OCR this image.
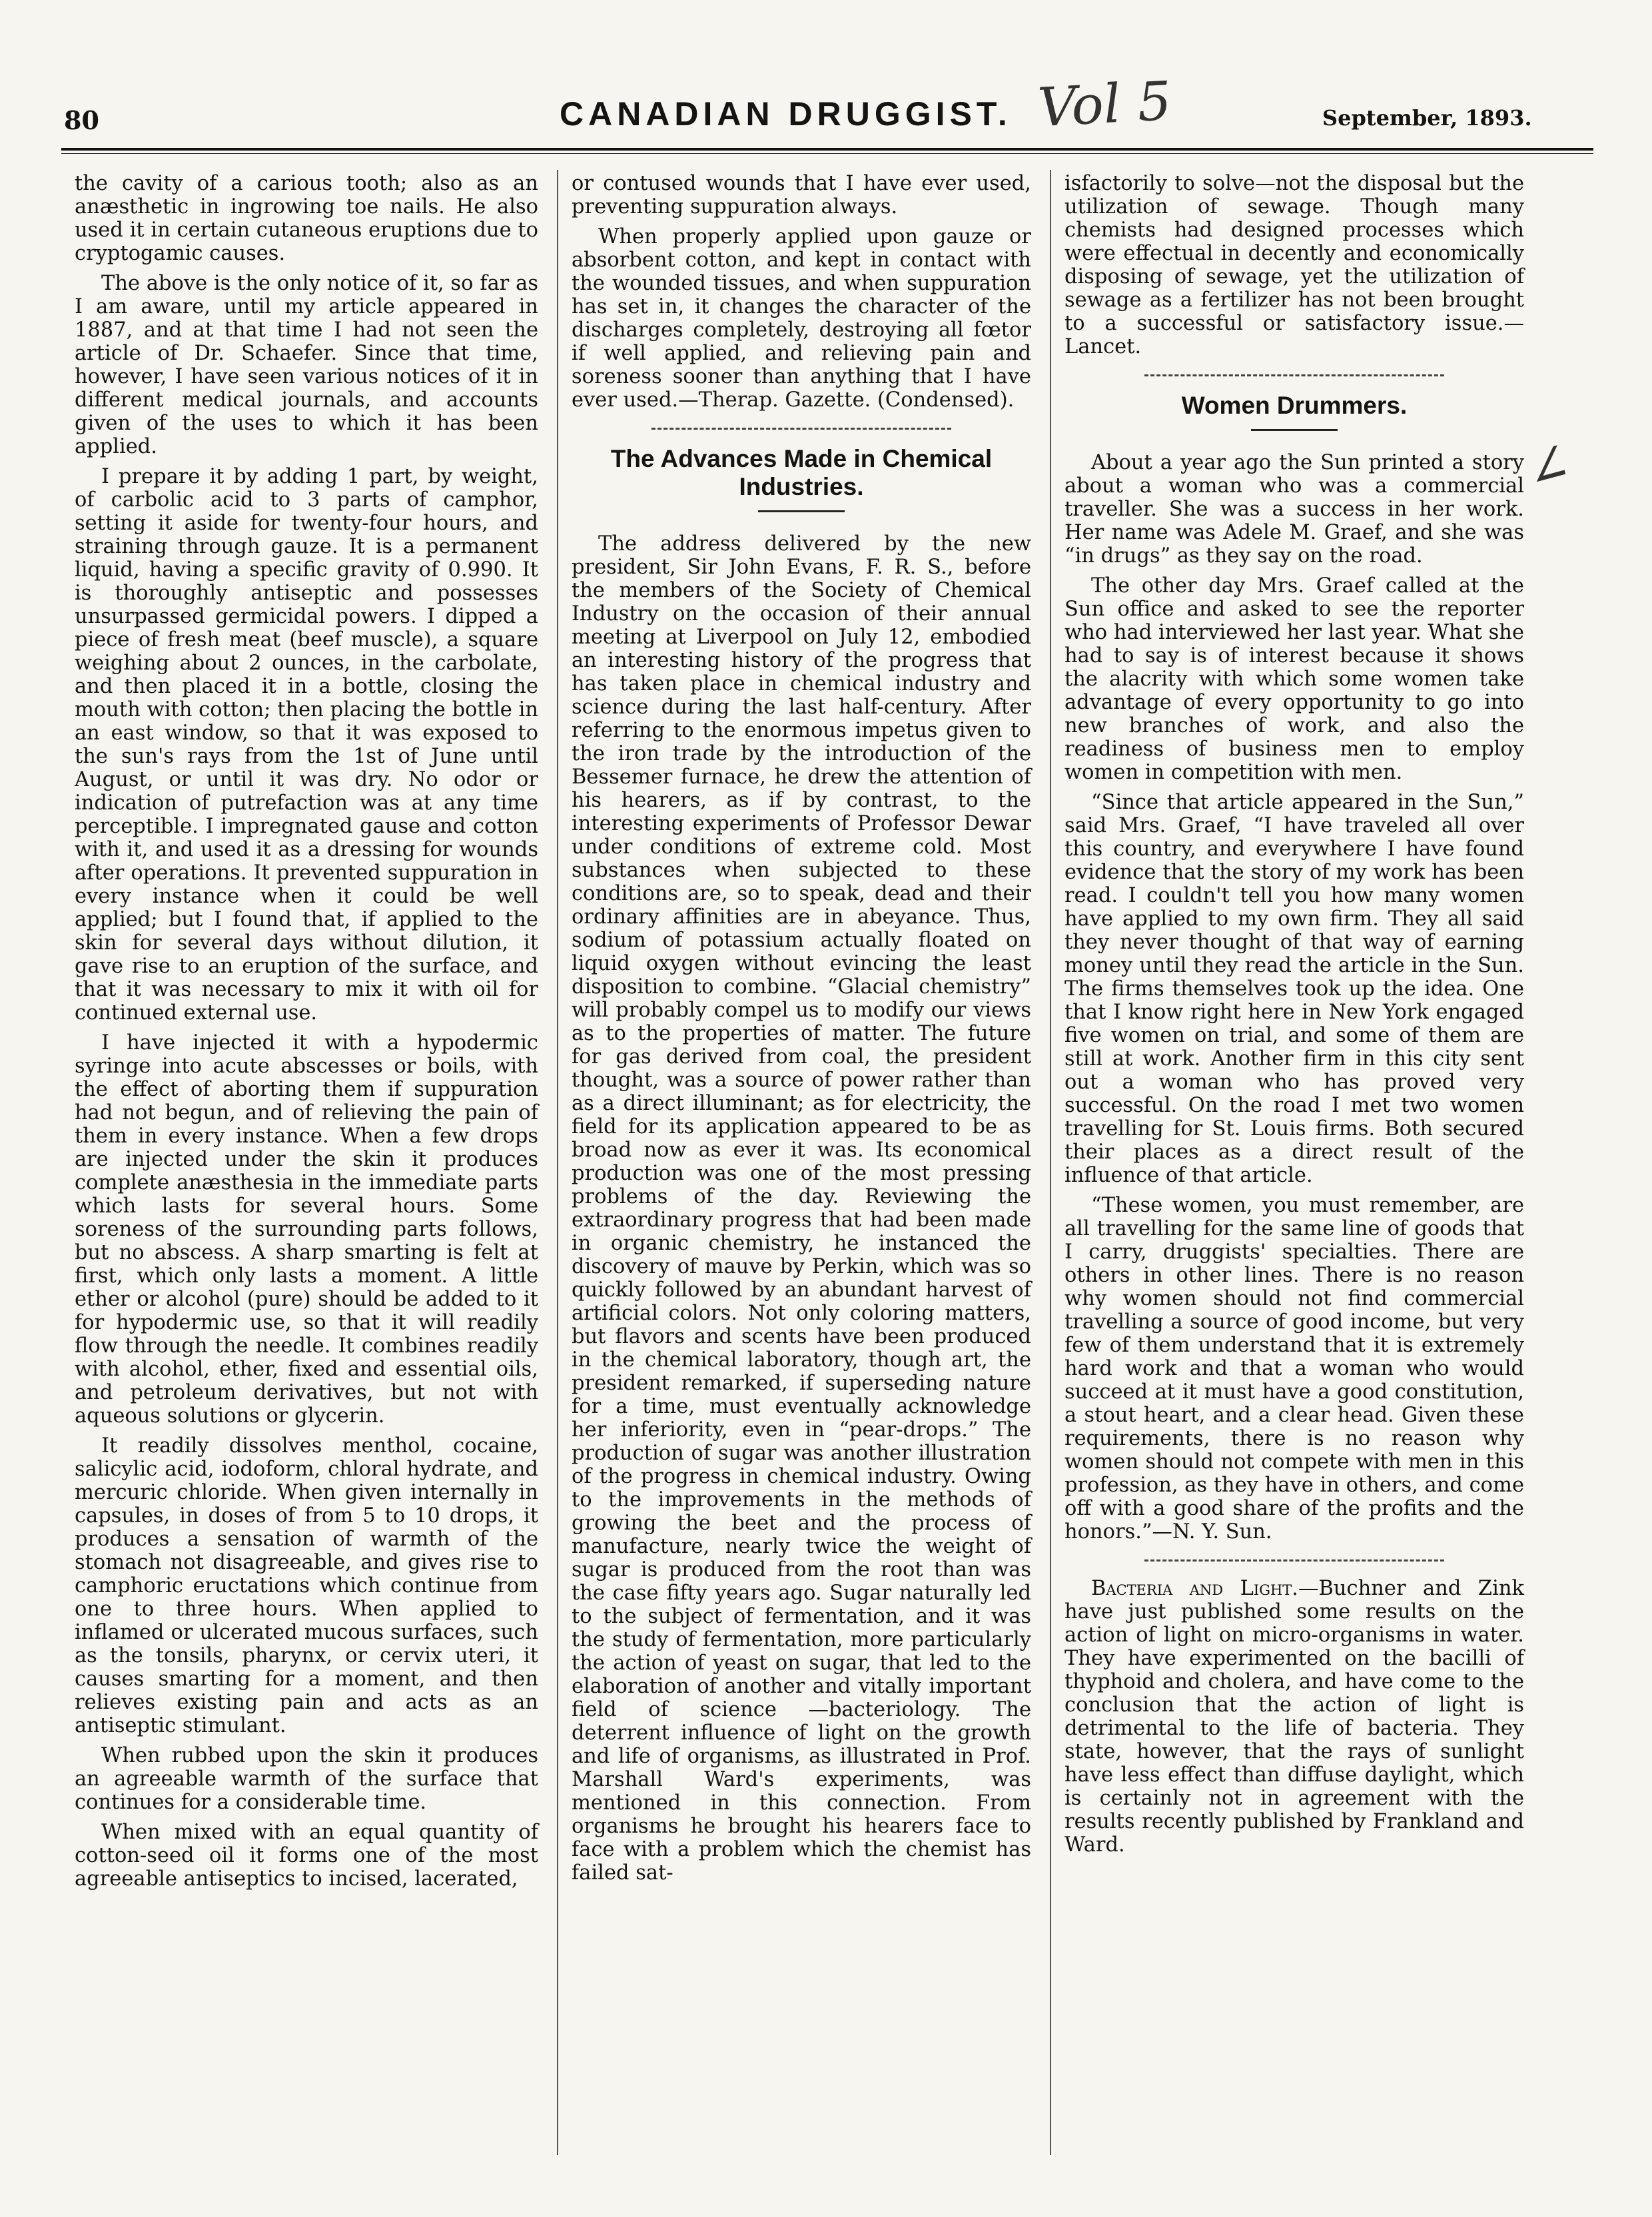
80	CANADIAN DRUGGIST. Vol 5	September, 1893.
∠

the cavity of a carious tooth; also as an anæsthetic in ingrowing toe nails. He also used it in certain cutaneous eruptions due to cryptogamic causes.

The above is the only notice of it, so far as I am aware, until my article appeared in 1887, and at that time I had not seen the article of Dr. Schaefer. Since that time, however, I have seen various notices of it in different medical journals, and accounts given of the uses to which it has been applied.

I prepare it by adding 1 part, by weight, of carbolic acid to 3 parts of camphor, setting it aside for twenty-four hours, and straining through gauze. It is a permanent liquid, having a specific gravity of 0.990. It is thoroughly antiseptic and possesses unsurpassed germicidal powers. I dipped a piece of fresh meat (beef muscle), a square weighing about 2 ounces, in the carbolate, and then placed it in a bottle, closing the mouth with cotton; then placing the bottle in an east window, so that it was exposed to the sun's rays from the 1st of June until August, or until it was dry. No odor or indication of putrefaction was at any time perceptible. I impregnated gause and cotton with it, and used it as a dressing for wounds after operations. It prevented suppuration in every instance when it could be well applied; but I found that, if applied to the skin for several days without dilution, it gave rise to an eruption of the surface, and that it was necessary to mix it with oil for continued external use.

I have injected it with a hypodermic syringe into acute abscesses or boils, with the effect of aborting them if suppuration had not begun, and of relieving the pain of them in every instance. When a few drops are injected under the skin it produces complete anæsthesia in the immediate parts which lasts for several hours. Some soreness of the surrounding parts follows, but no abscess. A sharp smarting is felt at first, which only lasts a moment. A little ether or alcohol (pure) should be added to it for hypodermic use, so that it will readily flow through the needle. It combines readily with alcohol, ether, fixed and essential oils, and petroleum derivatives, but not with aqueous solutions or glycerin.

It readily dissolves menthol, cocaine, salicylic acid, iodoform, chloral hydrate, and mercuric chloride. When given internally in capsules, in doses of from 5 to 10 drops, it produces a sensation of warmth of the stomach not disagreeable, and gives rise to camphoric eructations which continue from one to three hours. When applied to inflamed or ulcerated mucous surfaces, such as the tonsils, pharynx, or cervix uteri, it causes smarting for a moment, and then relieves existing pain and acts as an antiseptic stimulant.

When rubbed upon the skin it produces an agreeable warmth of the surface that continues for a considerable time.

When mixed with an equal quantity of cotton-seed oil it forms one of the most agreeable antiseptics to incised, lacerated,

or contused wounds that I have ever used, preventing suppuration always.

When properly applied upon gauze or absorbent cotton, and kept in contact with the wounded tissues, and when suppuration has set in, it changes the character of the discharges completely, destroying all fœtor if well applied, and relieving pain and soreness sooner than anything that I have ever used.—Therap. Gazette. (Condensed).

The Advances Made in Chemical Industries.

The address delivered by the new president, Sir John Evans, F. R. S., before the members of the Society of Chemical Industry on the occasion of their annual meeting at Liverpool on July 12, embodied an interesting history of the progress that has taken place in chemical industry and science during the last half-century. After referring to the enormous impetus given to the iron trade by the introduction of the Bessemer furnace, he drew the attention of his hearers, as if by contrast, to the interesting experiments of Professor Dewar under conditions of extreme cold. Most substances when subjected to these conditions are, so to speak, dead and their ordinary affinities are in abeyance. Thus, sodium of potassium actually floated on liquid oxygen without evincing the least disposition to combine. “Glacial chemistry” will probably compel us to modify our views as to the properties of matter. The future for gas derived from coal, the president thought, was a source of power rather than as a direct illuminant; as for electricity, the field for its application appeared to be as broad now as ever it was. Its economical production was one of the most pressing problems of the day. Reviewing the extraordinary progress that had been made in organic chemistry, he instanced the discovery of mauve by Perkin, which was so quickly followed by an abundant harvest of artificial colors. Not only coloring matters, but flavors and scents have been produced in the chemical laboratory, though art, the president remarked, if superseding nature for a time, must eventually acknowledge her inferiority, even in “pear-drops.” The production of sugar was another illustration of the progress in chemical industry. Owing to the improvements in the methods of growing the beet and the process of manufacture, nearly twice the weight of sugar is produced from the root than was the case fifty years ago. Sugar naturally led to the subject of fermentation, and it was the study of fermentation, more particularly the action of yeast on sugar, that led to the elaboration of another and vitally important field of science —bacteriology. The deterrent influence of light on the growth and life of organisms, as illustrated in Prof. Marshall Ward's experiments, was mentioned in this connection. From organisms he brought his hearers face to face with a problem which the chemist has failed sat-

isfactorily to solve—not the disposal but the utilization of sewage. Though many chemists had designed processes which were effectual in decently and economically disposing of sewage, yet the utilization of sewage as a fertilizer has not been brought to a successful or satisfactory issue.—Lancet.

Women Drummers.

About a year ago the Sun printed a story about a woman who was a commercial traveller. She was a success in her work. Her name was Adele M. Graef, and she was “in drugs” as they say on the road.

The other day Mrs. Graef called at the Sun office and asked to see the reporter who had interviewed her last year. What she had to say is of interest because it shows the alacrity with which some women take advantage of every opportunity to go into new branches of work, and also the readiness of business men to employ women in competition with men.

“Since that article appeared in the Sun,” said Mrs. Graef, “I have traveled all over this country, and everywhere I have found evidence that the story of my work has been read. I couldn't tell you how many women have applied to my own firm. They all said they never thought of that way of earning money until they read the article in the Sun. The firms themselves took up the idea. One that I know right here in New York engaged five women on trial, and some of them are still at work. Another firm in this city sent out a woman who has proved very successful. On the road I met two women travelling for St. Louis firms. Both secured their places as a direct result of the influence of that article.

“These women, you must remember, are all travelling for the same line of goods that I carry, druggists' specialties. There are others in other lines. There is no reason why women should not find commercial travelling a source of good income, but very few of them understand that it is extremely hard work and that a woman who would succeed at it must have a good constitution, a stout heart, and a clear head. Given these requirements, there is no reason why women should not compete with men in this profession, as they have in others, and come off with a good share of the profits and the honors.”—N. Y. Sun.

Bacteria and Light.—Buchner and Zink have just published some results on the action of light on micro-organisms in water. They have experimented on the bacilli of thyphoid and cholera, and have come to the conclusion that the action of light is detrimental to the life of bacteria. They state, however, that the rays of sunlight have less effect than diffuse daylight, which is certainly not in agreement with the results recently published by Frankland and Ward.
